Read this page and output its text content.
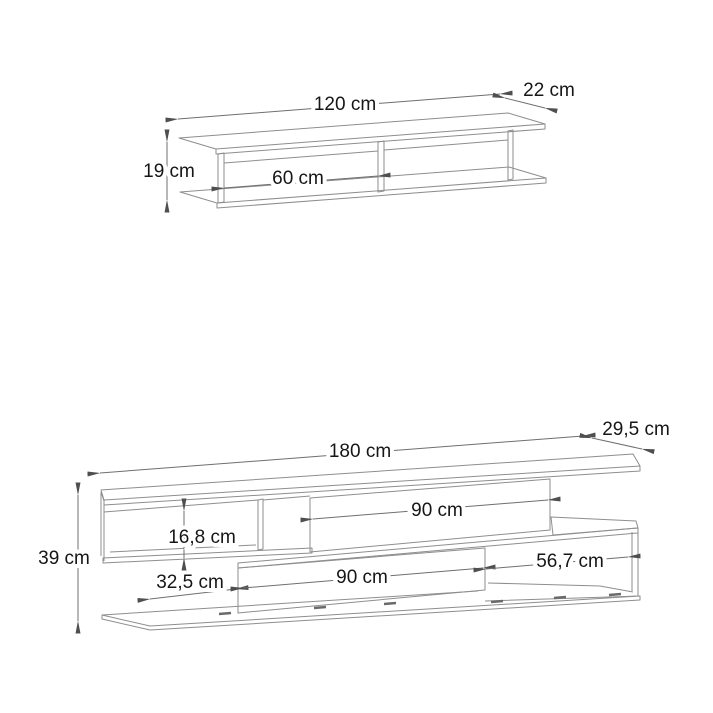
120 cm
22 cm
19 cm	60 cm
180 cm
29,5 cm
39 cm
16,8 cm
90 cm
32,5 cm	90 cm
56,7 cm
